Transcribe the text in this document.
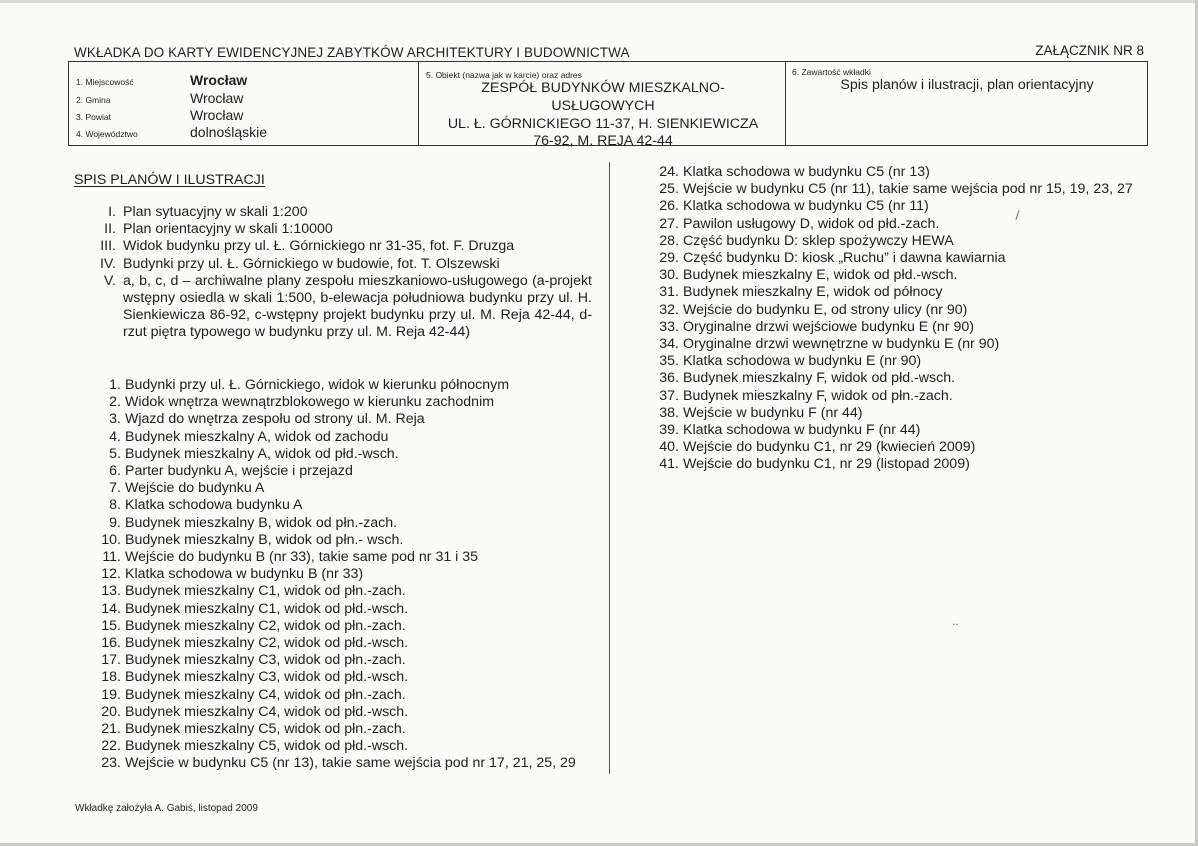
WKŁADKA DO KARTY EWIDENCYJNEJ ZABYTKÓW ARCHITEKTURY I BUDOWNICTWA	ZAŁĄCZNIK NR 8
1. Miejscowość	Wrocław
2. Gmina	Wrocław
3. Powiat	Wrocław
4. Województwo	dolnośląskie
5. Obiekt (nazwa jak w karcie) oraz adres
ZESPÓŁ BUDYNKÓW MIESZKALNO-
USŁUGOWYCH
UL. Ł. GÓRNICKIEGO 11-37, H. SIENKIEWICZA
76-92, M. REJA 42-44
6. Zawartość wkładki
Spis planów i ilustracji, plan orientacyjny
SPIS PLANÓW I ILUSTRACJI
I. Plan sytuacyjny w skali 1:200
II. Plan orientacyjny w skali 1:10000
III. Widok budynku przy ul. Ł. Górnickiego nr 31-35, fot. F. Druzga
IV. Budynki przy ul. Ł. Górnickiego w budowie, fot. T. Olszewski
V. a, b, c, d – archiwalne plany zespołu mieszkaniowo-usługowego (a-projekt wstępny osiedla w skali 1:500, b-elewacja południowa budynku przy ul. H. Sienkiewicza 86-92, c-wstępny projekt budynku przy ul. M. Reja 42-44, d-rzut piętra typowego w budynku przy ul. M. Reja 42-44)
1. Budynki przy ul. Ł. Górnickiego, widok w kierunku północnym
2. Widok wnętrza wewnątrzblokowego w kierunku zachodnim
3. Wjazd do wnętrza zespołu od strony ul. M. Reja
4. Budynek mieszkalny A, widok od zachodu
5. Budynek mieszkalny A, widok od płd.-wsch.
6. Parter budynku A, wejście i przejazd
7. Wejście do budynku A
8. Klatka schodowa budynku A
9. Budynek mieszkalny B, widok od płn.-zach.
10. Budynek mieszkalny B, widok od płn.- wsch.
11. Wejście do budynku B (nr 33), takie same pod nr 31 i 35
12. Klatka schodowa w budynku B (nr 33)
13. Budynek mieszkalny C1, widok od płn.-zach.
14. Budynek mieszkalny C1, widok od płd.-wsch.
15. Budynek mieszkalny C2, widok od płn.-zach.
16. Budynek mieszkalny C2, widok od płd.-wsch.
17. Budynek mieszkalny C3, widok od płn.-zach.
18. Budynek mieszkalny C3, widok od płd.-wsch.
19. Budynek mieszkalny C4, widok od płn.-zach.
20. Budynek mieszkalny C4, widok od płd.-wsch.
21. Budynek mieszkalny C5, widok od płn.-zach.
22. Budynek mieszkalny C5, widok od płd.-wsch.
23. Wejście w budynku C5 (nr 13), takie same wejścia pod nr 17, 21, 25, 29
24. Klatka schodowa w budynku C5 (nr 13)
25. Wejście w budynku C5 (nr 11), takie same wejścia pod nr 15, 19, 23, 27
26. Klatka schodowa w budynku C5 (nr 11)
27. Pawilon usługowy D, widok od płd.-zach.
28. Część budynku D: sklep spożywczy HEWA
29. Część budynku D: kiosk „Ruchu” i dawna kawiarnia
30. Budynek mieszkalny E, widok od płd.-wsch.
31. Budynek mieszkalny E, widok od północy
32. Wejście do budynku E, od strony ulicy (nr 90)
33. Oryginalne drzwi wejściowe budynku E (nr 90)
34. Oryginalne drzwi wewnętrzne w budynku E (nr 90)
35. Klatka schodowa w budynku E (nr 90)
36. Budynek mieszkalny F, widok od płd.-wsch.
37. Budynek mieszkalny F, widok od płn.-zach.
38. Wejście w budynku F (nr 44)
39. Klatka schodowa w budynku F (nr 44)
40. Wejście do budynku C1, nr 29 (kwiecień 2009)
41. Wejście do budynku C1, nr 29 (listopad 2009)
‥
Wkładkę założyła A. Gabiś, listopad 2009
